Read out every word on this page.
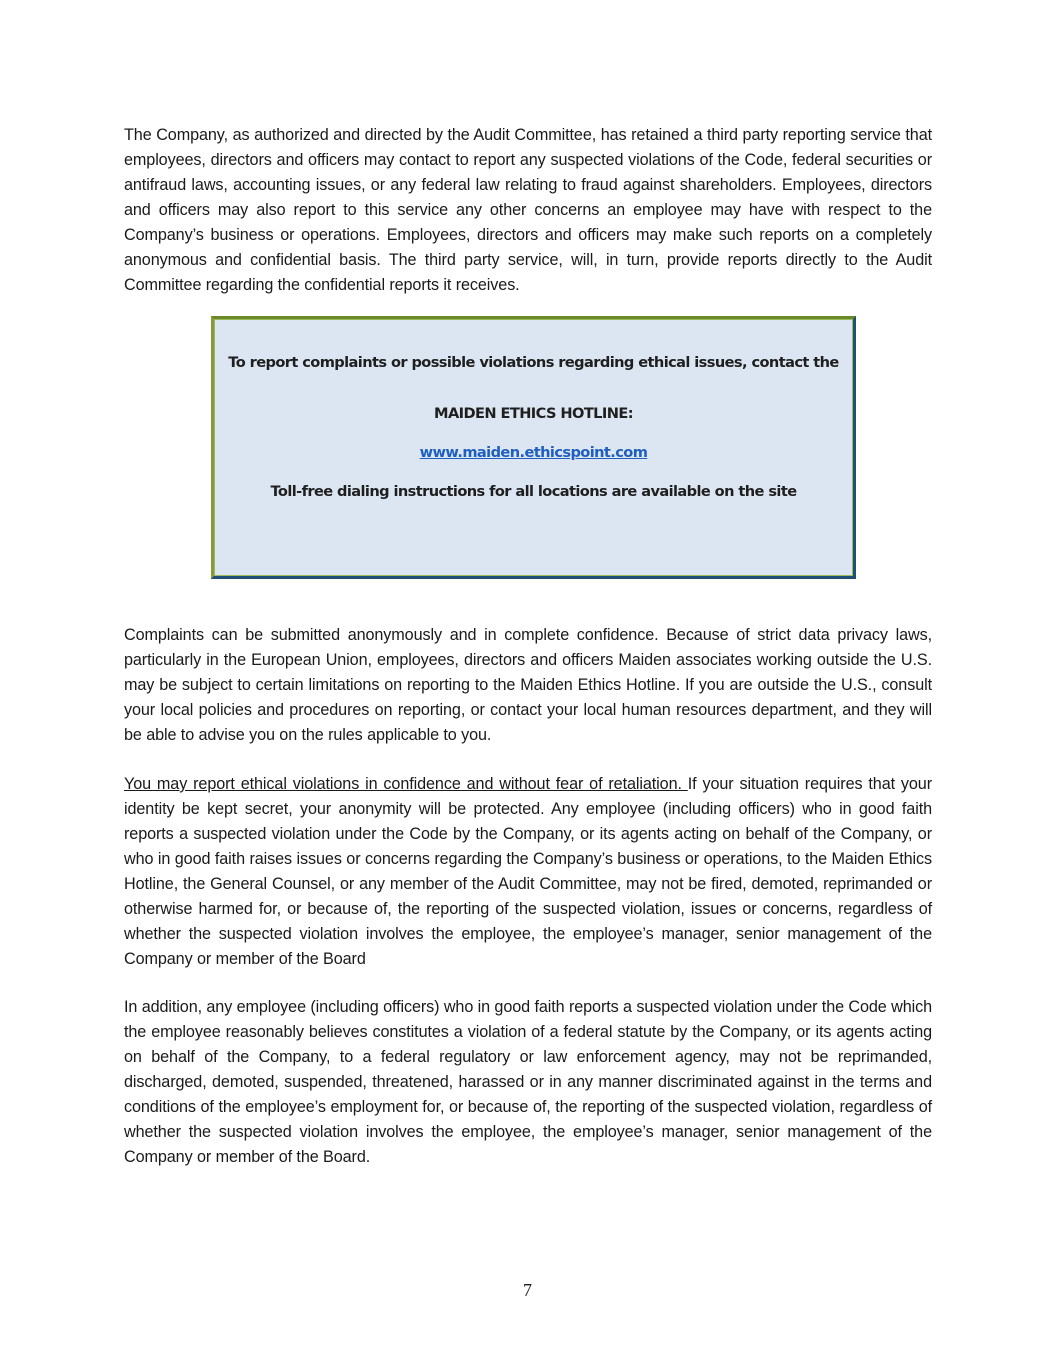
The Company, as authorized and directed by the Audit Committee, has retained a third party reporting service that employees, directors and officers may contact to report any suspected violations of the Code, federal securities or antifraud laws, accounting issues, or any federal law relating to fraud against shareholders. Employees, directors and officers may also report to this service any other concerns an employee may have with respect to the Company’s business or operations. Employees, directors and officers may make such reports on a completely anonymous and confidential basis. The third party service, will, in turn, provide reports directly to the Audit Committee regarding the confidential reports it receives.

To report complaints or possible violations regarding ethical issues, contact the
MAIDEN ETHICS HOTLINE:
www.maiden.ethicspoint.com
Toll-free dialing instructions for all locations are available on the site

Complaints can be submitted anonymously and in complete confidence. Because of strict data privacy laws, particularly in the European Union, employees, directors and officers Maiden associates working outside the U.S. may be subject to certain limitations on reporting to the Maiden Ethics Hotline. If you are outside the U.S., consult your local policies and procedures on reporting, or contact your local human resources department, and they will be able to advise you on the rules applicable to you.

You may report ethical violations in confidence and without fear of retaliation. If your situation requires that your identity be kept secret, your anonymity will be protected. Any employee (including officers) who in good faith reports a suspected violation under the Code by the Company, or its agents acting on behalf of the Company, or who in good faith raises issues or concerns regarding the Company’s business or operations, to the Maiden Ethics Hotline, the General Counsel, or any member of the Audit Committee, may not be fired, demoted, reprimanded or otherwise harmed for, or because of, the reporting of the suspected violation, issues or concerns, regardless of whether the suspected violation involves the employee, the employee’s manager, senior management of the Company or member of the Board

In addition, any employee (including officers) who in good faith reports a suspected violation under the Code which the employee reasonably believes constitutes a violation of a federal statute by the Company, or its agents acting on behalf of the Company, to a federal regulatory or law enforcement agency, may not be reprimanded, discharged, demoted, suspended, threatened, harassed or in any manner discriminated against in the terms and conditions of the employee’s employment for, or because of, the reporting of the suspected violation, regardless of whether the suspected violation involves the employee, the employee’s manager, senior management of the Company or member of the Board.

7
